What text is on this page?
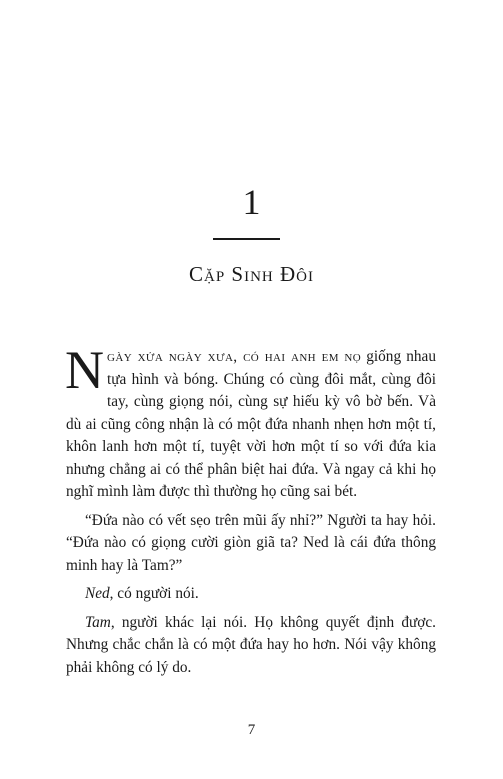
1
Cặp Sinh Đôi

Ngày xửa ngày xưa, có hai anh em nọ giống nhau tựa hình và bóng. Chúng có cùng đôi mắt, cùng đôi tay, cùng giọng nói, cùng sự hiếu kỳ vô bờ bến. Và dù ai cũng công nhận là có một đứa nhanh nhẹn hơn một tí, khôn lanh hơn một tí, tuyệt vời hơn một tí so với đứa kia nhưng chẳng ai có thể phân biệt hai đứa. Và ngay cả khi họ nghĩ mình làm được thì thường họ cũng sai bét.

“Đứa nào có vết sẹo trên mũi ấy nhỉ?” Người ta hay hỏi. “Đứa nào có giọng cười giòn giã ta? Ned là cái đứa thông minh hay là Tam?”

Ned, có người nói.

Tam, người khác lại nói. Họ không quyết định được. Nhưng chắc chắn là có một đứa hay ho hơn. Nói vậy không phải không có lý do.

7
